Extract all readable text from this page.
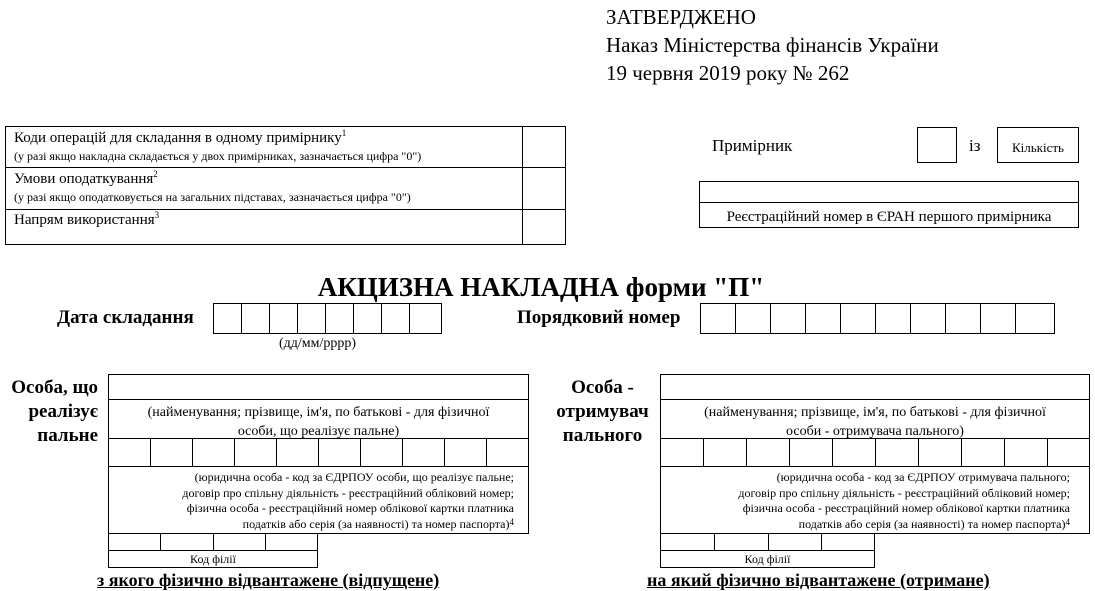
ЗАТВЕРДЖЕНО
Наказ Міністерства фінансів України
19 червня 2019 року № 262
Коди операцій для складання в одному примірнику$^1$
(у разі якщо накладна складається у двох примірниках, зазначається цифра "0")
Умови оподаткування$^2$
(у разі якщо оподатковується на загальних підставах, зазначається цифра "0")
Напрям використання$^3$
Примірник	із	Кількість
Реєстраційний номер в ЄРАН першого примірника
АКЦИЗНА НАКЛАДНА форми "П"
Дата складання
(дд/мм/рррр)
Порядковий номер
Особа, що
реалізує
пальне
(найменування; прізвище, ім'я, по батькові - для фізичної
особи, що реалізує пальне)
(юридична особа - код за ЄДРПОУ особи, що реалізує пальне;
договір про спільну діяльність - реєстраційний обліковий номер;
фізична особа - реєстраційний номер облікової картки платника
податків або серія (за наявності) та номер паспорта)$^4$
Код філії
з якого фізично відвантажене (відпущене)
Особа -
отримувач
пального
(найменування; прізвище, ім'я, по батькові - для фізичної
особи - отримувача пального)
(юридична особа - код за ЄДРПОУ отримувача пального;
договір про спільну діяльність - реєстраційний обліковий номер;
фізична особа - реєстраційний номер облікової картки платника
податків або серія (за наявності) та номер паспорта)$^4$
Код філії
на який фізично відвантажене (отримане)
